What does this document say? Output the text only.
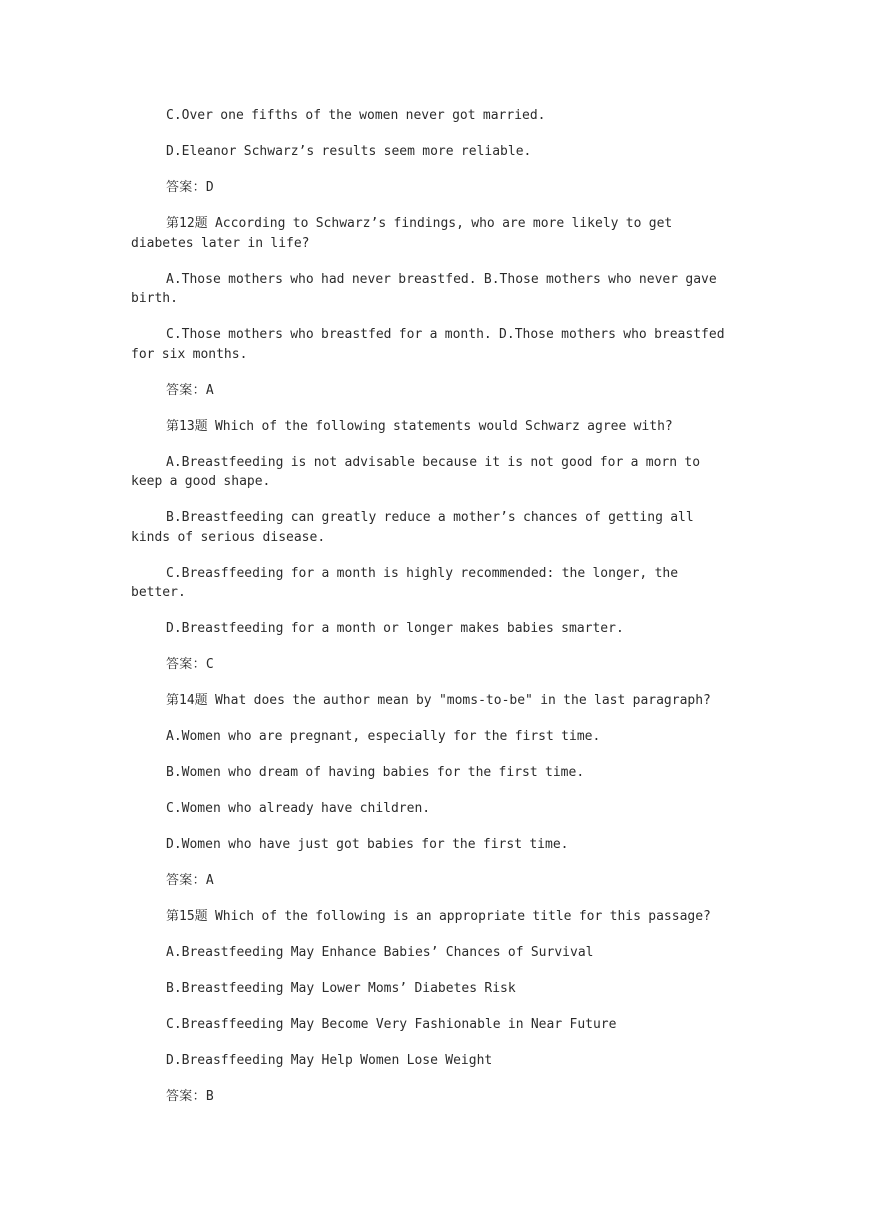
C.Over one fifths of the women never got married.

D.Eleanor Schwarz’s results seem more reliable.

答案：D

第12题 According to Schwarz’s findings, who are more likely to get diabetes later in life?

A.Those mothers who had never breastfed. B.Those mothers who never gave birth.

C.Those mothers who breastfed for a month. D.Those mothers who breastfed for six months.

答案：A

第13题 Which of the following statements would Schwarz agree with?

A.Breastfeeding is not advisable because it is not good for a morn to keep a good shape.

B.Breastfeeding can greatly reduce a mother’s chances of getting all kinds of serious disease.

C.Breasffeeding for a month is highly recommended: the longer, the better.

D.Breastfeeding for a month or longer makes babies smarter.

答案：C

第14题 What does the author mean by "moms-to-be" in the last paragraph?

A.Women who are pregnant, especially for the first time.

B.Women who dream of having babies for the first time.

C.Women who already have children.

D.Women who have just got babies for the first time.

答案：A

第15题 Which of the following is an appropriate title for this passage?

A.Breastfeeding May Enhance Babies’ Chances of Survival

B.Breastfeeding May Lower Moms’ Diabetes Risk

C.Breasffeeding May Become Very Fashionable in Near Future

D.Breasffeeding May Help Women Lose Weight

答案：B
